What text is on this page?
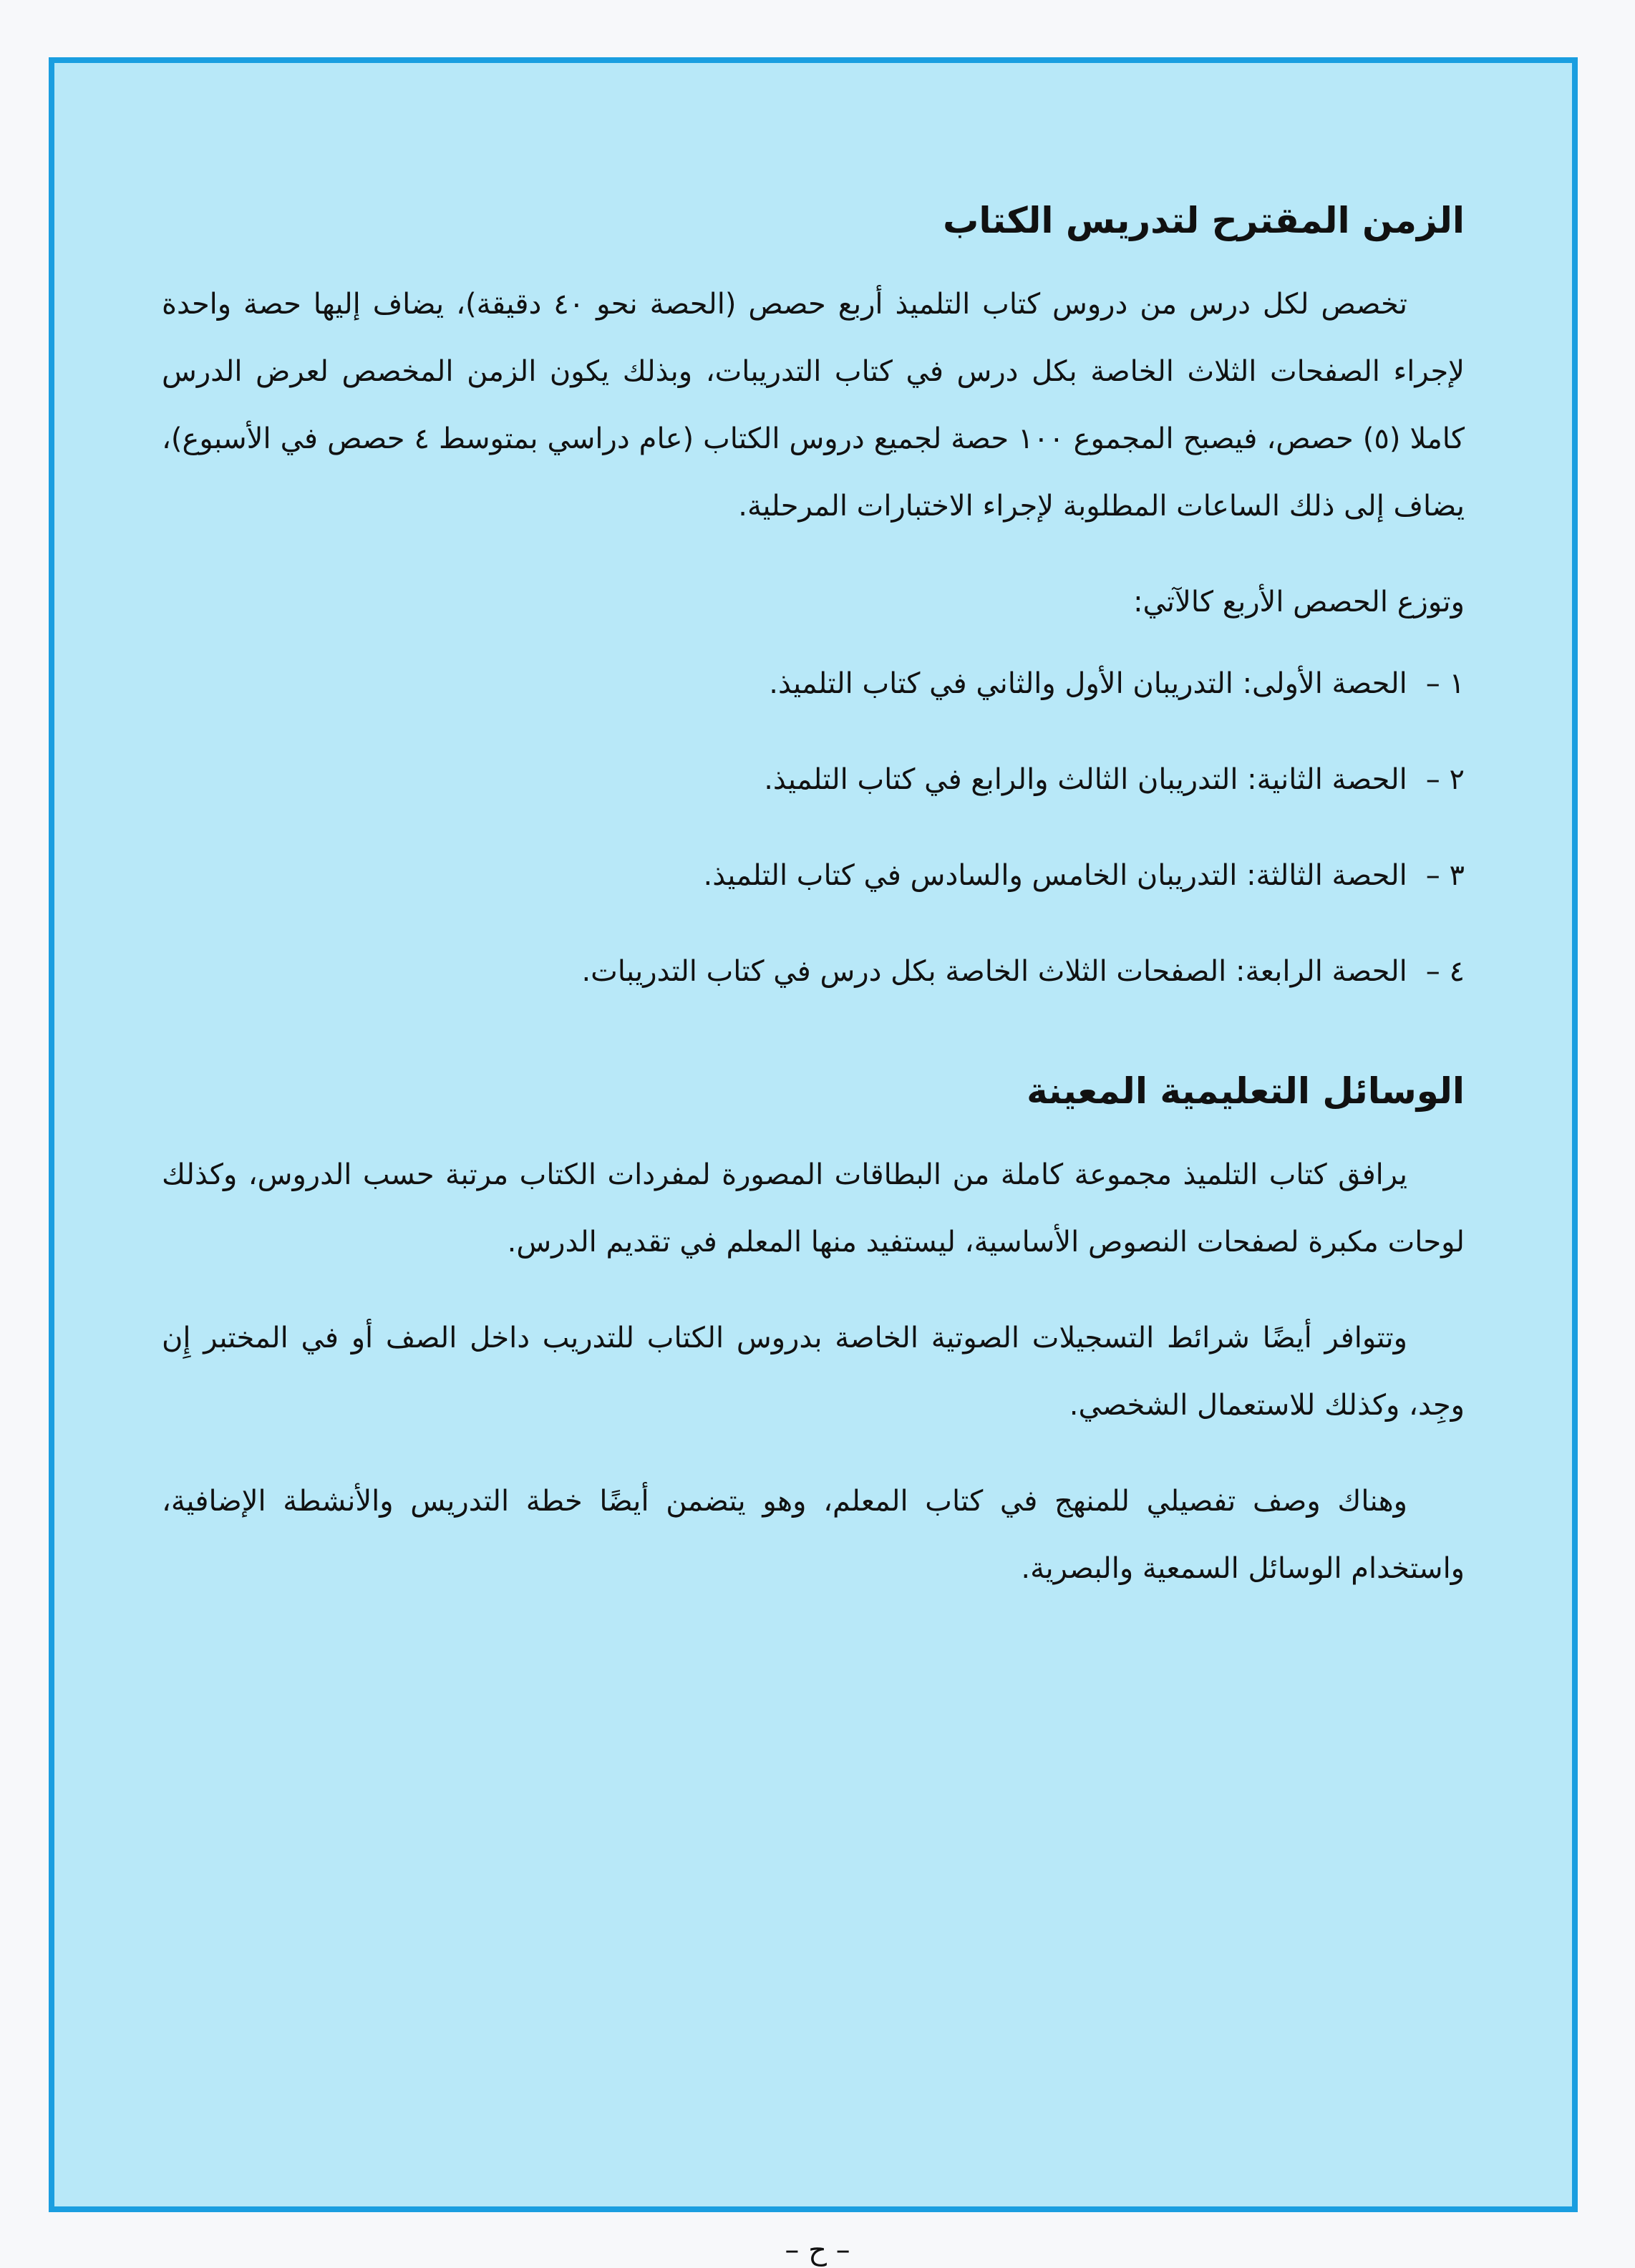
الزمن المقترح لتدريس الكتاب

تخصص لكل درس من دروس كتاب التلميذ أربع حصص (الحصة نحو ٤٠ دقيقة)، يضاف إليها حصة واحدة لإجراء الصفحات الثلاث الخاصة بكل درس في كتاب التدريبات، وبذلك يكون الزمن المخصص لعرض الدرس كاملا (٥) حصص، فيصبح المجموع ١٠٠ حصة لجميع دروس الكتاب (عام دراسي بمتوسط ٤ حصص في الأسبوع)، يضاف إلى ذلك الساعات المطلوبة لإجراء الاختبارات المرحلية.

وتوزع الحصص الأربع كالآتي:

١ –
الحصة الأولى: التدريبان الأول والثاني في كتاب التلميذ.
٢ –
الحصة الثانية: التدريبان الثالث والرابع في كتاب التلميذ.
٣ –
الحصة الثالثة: التدريبان الخامس والسادس في كتاب التلميذ.
٤ –
الحصة الرابعة: الصفحات الثلاث الخاصة بكل درس في كتاب التدريبات.
الوسائل التعليمية المعينة

يرافق كتاب التلميذ مجموعة كاملة من البطاقات المصورة لمفردات الكتاب مرتبة حسب الدروس، وكذلك لوحات مكبرة لصفحات النصوص الأساسية، ليستفيد منها المعلم في تقديم الدرس.

وتتوافر أيضًا شرائط التسجيلات الصوتية الخاصة بدروس الكتاب للتدريب داخل الصف أو في المختبر إِن وجِد، وكذلك للاستعمال الشخصي.

وهناك وصف تفصيلي للمنهج في كتاب المعلم، وهو يتضمن أيضًا خطة التدريس والأنشطة الإضافية، واستخدام الوسائل السمعية والبصرية.

– ح –
